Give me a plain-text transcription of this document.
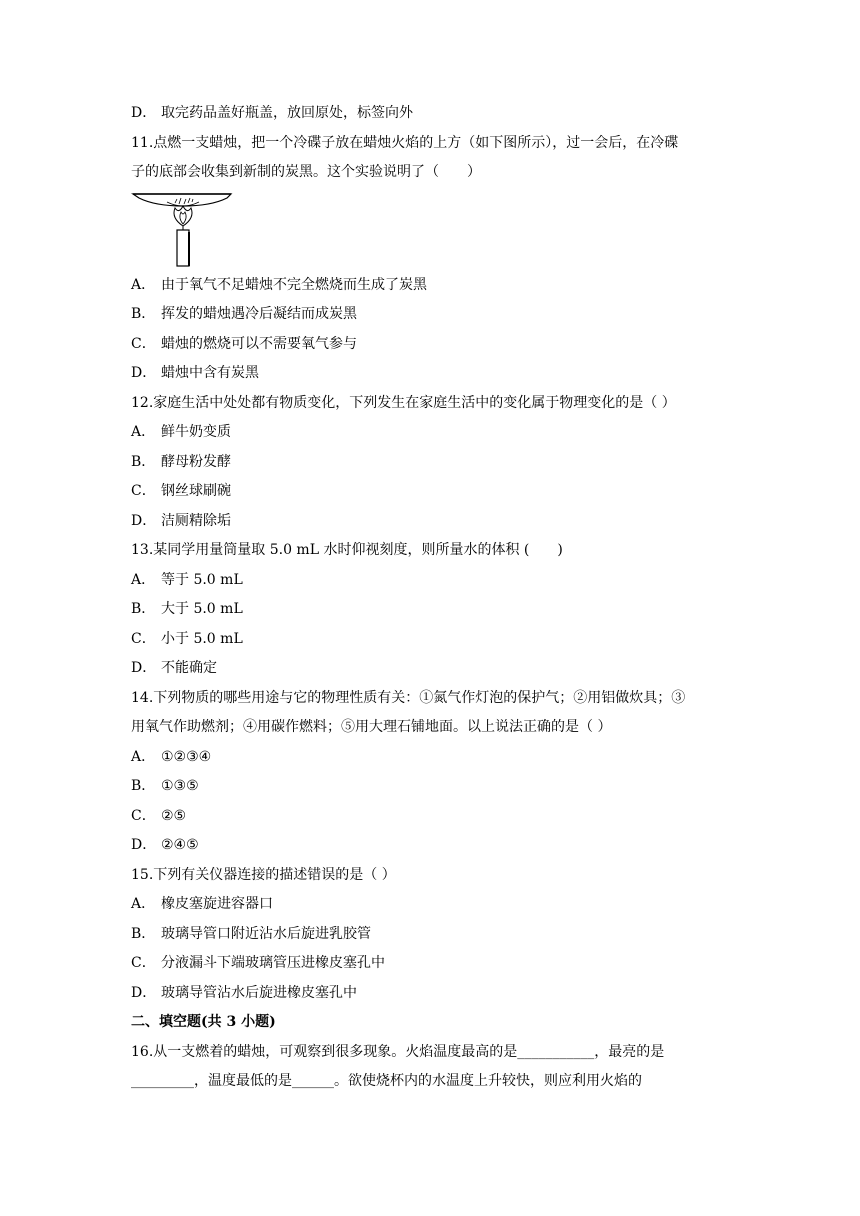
D． 取完药品盖好瓶盖，放回原处，标签向外
11.点燃一支蜡烛，把一个冷碟子放在蜡烛火焰的上方（如下图所示），过一会后，在冷碟
子的底部会收集到新制的炭黑。这个实验说明了（　　）
A． 由于氧气不足蜡烛不完全燃烧而生成了炭黑
B． 挥发的蜡烛遇冷后凝结而成炭黑
C． 蜡烛的燃烧可以不需要氧气参与
D． 蜡烛中含有炭黑
12.家庭生活中处处都有物质变化，下列发生在家庭生活中的变化属于物理变化的是（ ）
A． 鲜牛奶变质
B． 酵母粉发酵
C． 钢丝球刷碗
D． 洁厕精除垢
13.某同学用量筒量取 5.0 mL 水时仰视刻度，则所量水的体积 (　　)
A． 等于 5.0 mL
B． 大于 5.0 mL
C． 小于 5.0 mL
D． 不能确定
14.下列物质的哪些用途与它的物理性质有关：①氮气作灯泡的保护气；②用铝做炊具；③
用氧气作助燃剂；④用碳作燃料；⑤用大理石铺地面。以上说法正确的是（ ）
A． ①②③④
B． ①③⑤
C． ②⑤
D． ②④⑤
15.下列有关仪器连接的描述错误的是（ ）
A． 橡皮塞旋进容器口
B． 玻璃导管口附近沾水后旋进乳胶管
C． 分液漏斗下端玻璃管压进橡皮塞孔中
D． 玻璃导管沾水后旋进橡皮塞孔中
二、填空题(共 3 小题)
16.从一支燃着的蜡烛，可观察到很多现象。火焰温度最高的是___________，最亮的是
_________，温度最低的是______。欲使烧杯内的水温度上升较快，则应利用火焰的
